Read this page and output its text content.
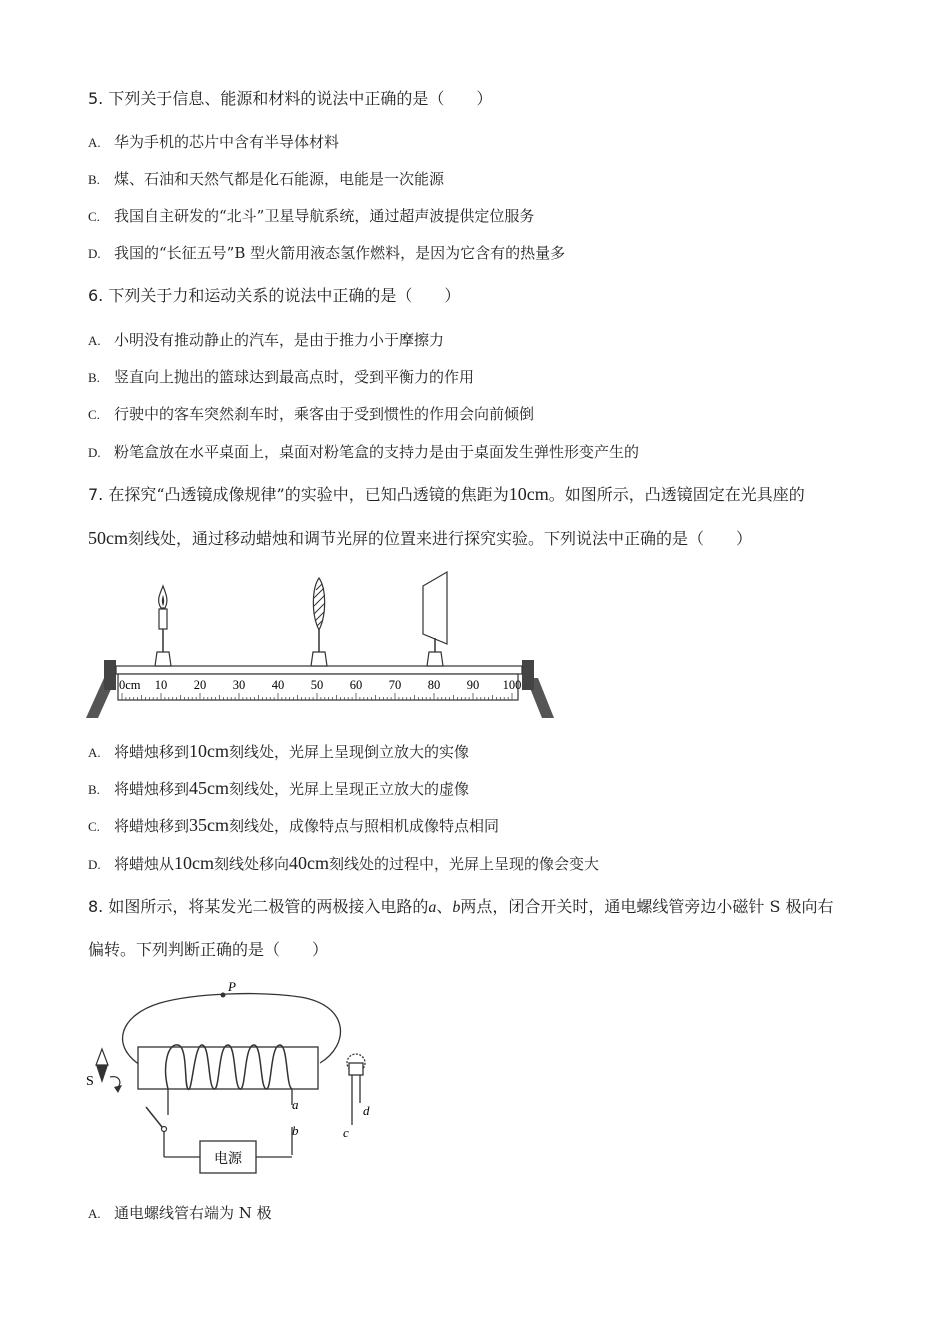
5. 下列关于信息、能源和材料的说法中正确的是（　　）
A. 华为手机的芯片中含有半导体材料
B. 煤、石油和天然气都是化石能源，电能是一次能源
C. 我国自主研发的“北斗”卫星导航系统，通过超声波提供定位服务
D. 我国的“长征五号”B 型火箭用液态氢作燃料，是因为它含有的热量多
6. 下列关于力和运动关系的说法中正确的是（　　）
A. 小明没有推动静止的汽车，是由于推力小于摩擦力
B. 竖直向上抛出的篮球达到最高点时，受到平衡力的作用
C. 行驶中的客车突然刹车时，乘客由于受到惯性的作用会向前倾倒
D. 粉笔盒放在水平桌面上，桌面对粉笔盒的支持力是由于桌面发生弹性形变产生的
7. 在探究“凸透镜成像规律”的实验中，已知凸透镜的焦距为10cm。如图所示，凸透镜固定在光具座的
50cm刻线处，通过移动蜡烛和调节光屏的位置来进行探究实验。下列说法中正确的是（　　）
0cm 10 20 30 40 50 60 70 80 90 100
A. 将蜡烛移到10cm刻线处，光屏上呈现倒立放大的实像
B. 将蜡烛移到45cm刻线处，光屏上呈现正立放大的虚像
C. 将蜡烛移到35cm刻线处，成像特点与照相机成像特点相同
D. 将蜡烛从10cm刻线处移向40cm刻线处的过程中，光屏上呈现的像会变大
8. 如图所示，将某发光二极管的两极接入电路的a、b两点，闭合开关时，通电螺线管旁边小磁针 S 极向右
偏转。下列判断正确的是（　　）
P
a
b
电源
S
c
d
A. 通电螺线管右端为 N 极
